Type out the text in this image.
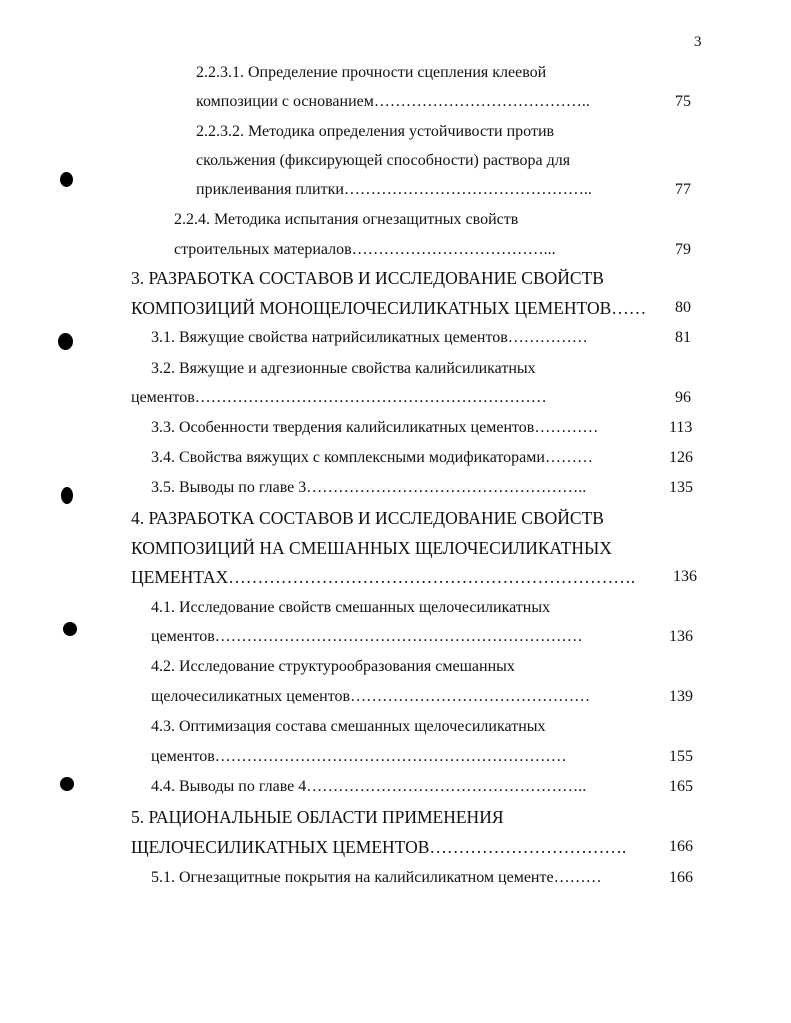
3
2.2.3.1. Определение прочности сцепления клеевой
композиции с основанием…………………………………..	75
2.2.3.2. Методика определения устойчивости против
скольжения (фиксирующей способности) раствора для
приклеивания плитки………………………………………..	77
2.2.4. Методика испытания огнезащитных свойств
строительных материалов………………………………...	79
3. РАЗРАБОТКА СОСТАВОВ И ИССЛЕДОВАНИЕ СВОЙСТВ
КОМПОЗИЦИЙ МОНОЩЕЛОЧЕСИЛИКАТНЫХ ЦЕМЕНТОВ…… 80
3.1. Вяжущие свойства натрийсиликатных цементов……………	81
3.2. Вяжущие и адгезионные свойства калийсиликатных
цементов…………………………………………………………	96
3.3. Особенности твердения калийсиликатных цементов…………	113
3.4. Свойства вяжущих с комплексными модификаторами………	126
3.5. Выводы по главе 3……………………………………………..	135
4. РАЗРАБОТКА СОСТАВОВ И ИССЛЕДОВАНИЕ СВОЙСТВ
КОМПОЗИЦИЙ НА СМЕШАННЫХ ЩЕЛОЧЕСИЛИКАТНЫХ
ЦЕМЕНТАХ…………………………………………………………….	136
4.1. Исследование свойств смешанных щелочесиликатных
цементов……………………………………………………………	136
4.2. Исследование структурообразования смешанных
щелочесиликатных цементов………………………………………	139
4.3. Оптимизация состава смешанных щелочесиликатных
цементов…………………………………………………………	155
4.4. Выводы по главе 4……………………………………………..	165
5. РАЦИОНАЛЬНЫЕ ОБЛАСТИ ПРИМЕНЕНИЯ
ЩЕЛОЧЕСИЛИКАТНЫХ ЦЕМЕНТОВ…………………………….	166
5.1. Огнезащитные покрытия на калийсиликатном цементе………	166
